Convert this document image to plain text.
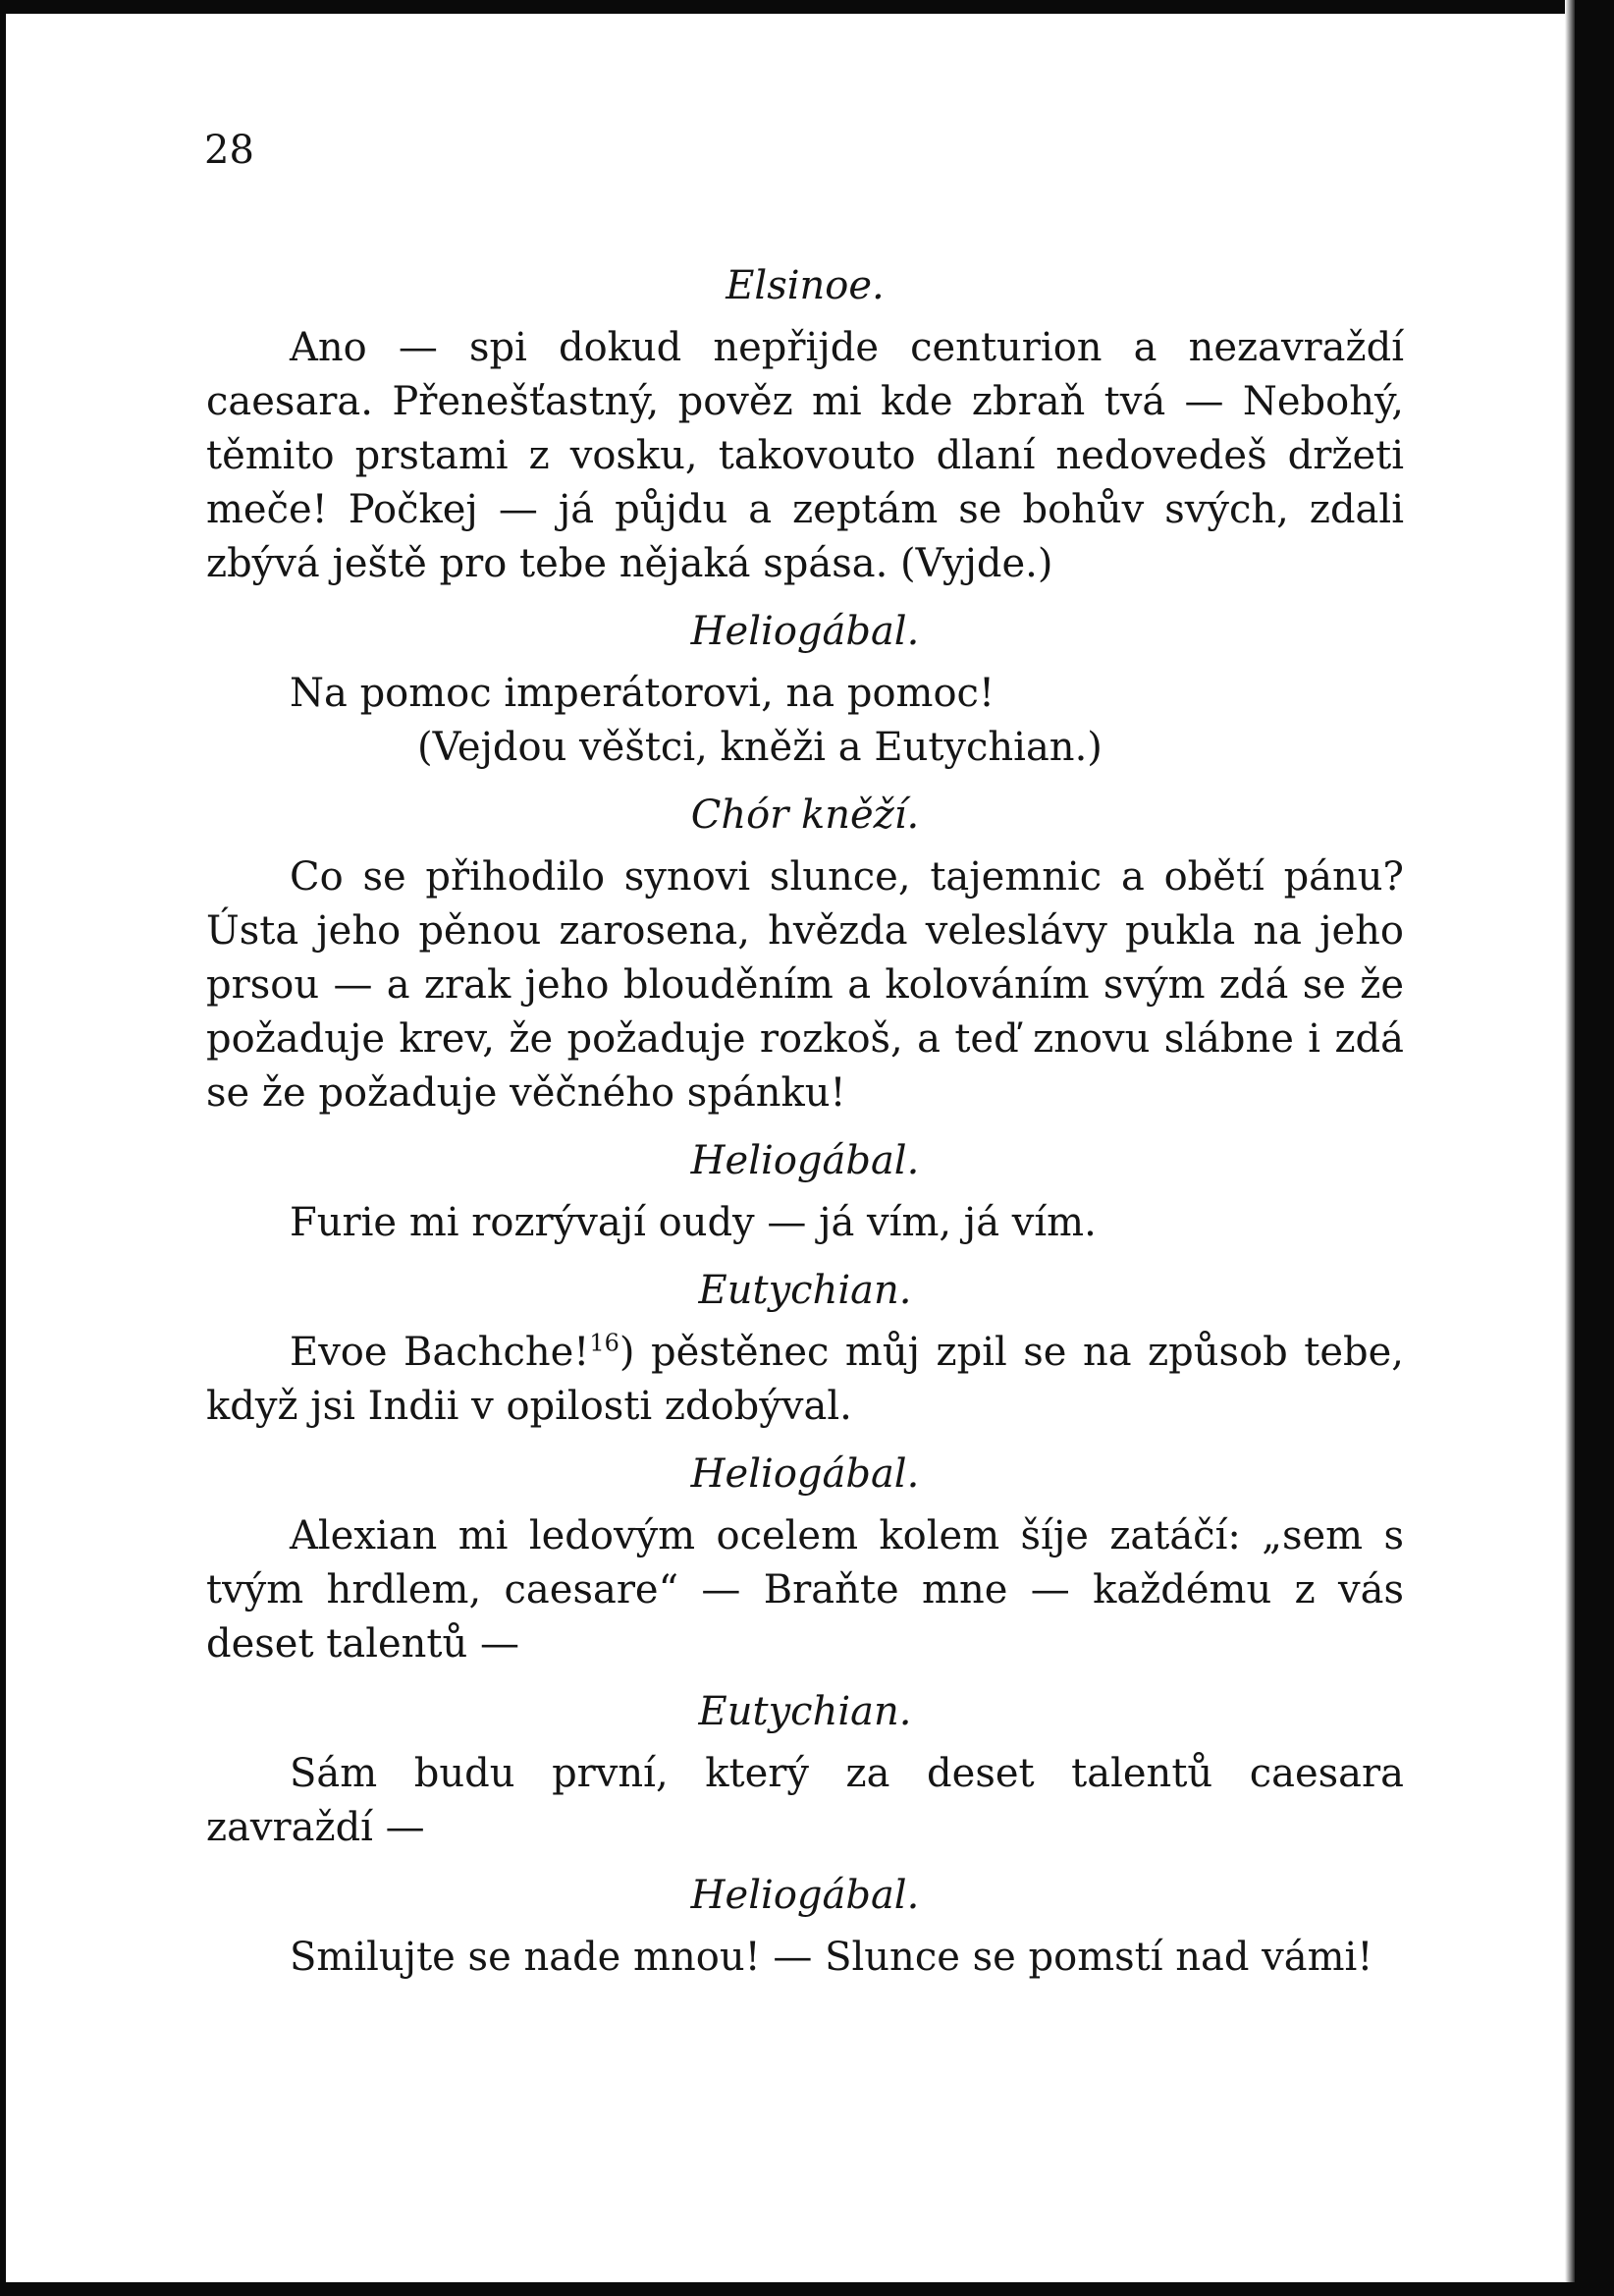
28
Elsinoe.

Ano — spi dokud nepřijde centurion a nezavraždí caesara. Přenešťastný, pověz mi kde zbraň tvá — Nebohý, těmito prstami z vosku, takovouto dlaní nedovedeš držeti meče! Počkej — já půjdu a zeptám se bohův svých, zdali zbývá ještě pro tebe nějaká spása. (Vyjde.)

Heliogábal.

Na pomoc imperátorovi, na pomoc!

(Vejdou věštci, kněži a Eutychian.)

Chór kněží.

Co se přihodilo synovi slunce, tajemnic a obětí pánu? Ústa jeho pěnou zarosena, hvězda veleslávy pukla na jeho prsou — a zrak jeho blouděním a kolováním svým zdá se že požaduje krev, že požaduje rozkoš, a teď znovu slábne i zdá se že požaduje věčného spánku!

Heliogábal.

Furie mi rozrývají oudy — já vím, já vím.

Eutychian.

Evoe Bachche!$^{16}$) pěstěnec můj zpil se na způsob tebe, když jsi Indii v opilosti zdobýval.

Heliogábal.

Alexian mi ledovým ocelem kolem šíje zatáčí: „sem s tvým hrdlem, caesare“ — Braňte mne — každému z vás deset talentů —

Eutychian.

Sám budu první, který za deset talentů caesara zavraždí —

Heliogábal.

Smilujte se nade mnou! — Slunce se pomstí nad vámi!
